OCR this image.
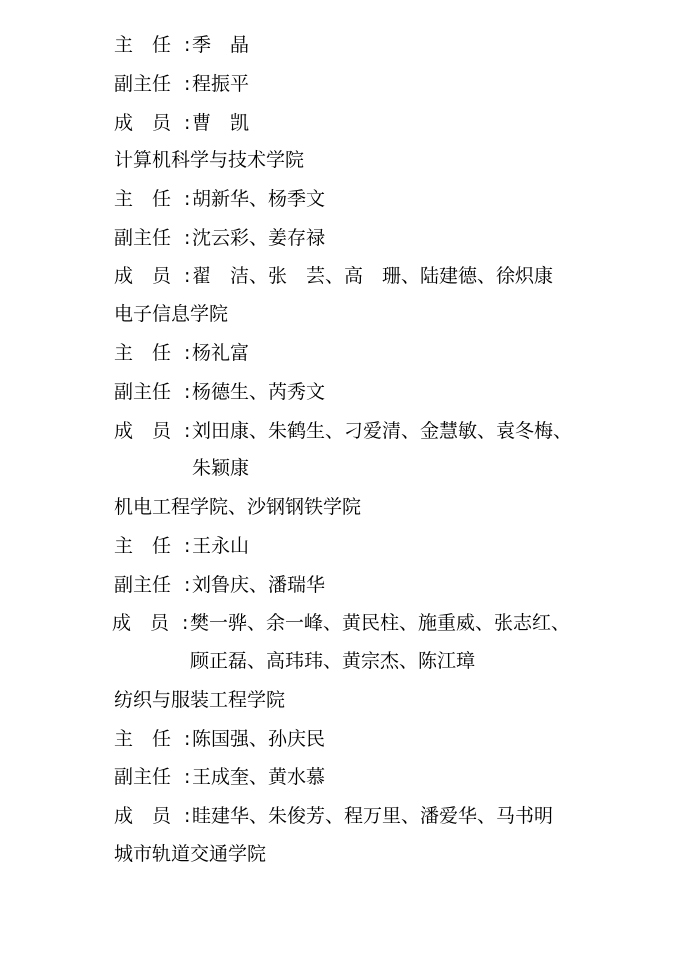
主　任 :季　晶
副主任 :程振平
成　员 :曹　凯
计算机科学与技术学院
主　任 :胡新华、杨季文
副主任 :沈云彩、姜存禄
成　员 :翟　洁、张　芸、高　珊、陆建德、徐炽康
电子信息学院
主　任 :杨礼富
副主任 :杨德生、芮秀文
成　员 :刘田康、朱鹤生、刁爱清、金慧敏、袁冬梅、
朱颖康
机电工程学院、沙钢钢铁学院
主　任 :王永山
副主任 :刘鲁庆、潘瑞华
成　员 :樊一骅、余一峰、黄民柱、施重威、张志红、
顾正磊、高玮玮、黄宗杰、陈江璋
纺织与服装工程学院
主　任 :陈国强、孙庆民
副主任 :王成奎、黄水慕
成　员 :眭建华、朱俊芳、程万里、潘爱华、马书明
城市轨道交通学院
